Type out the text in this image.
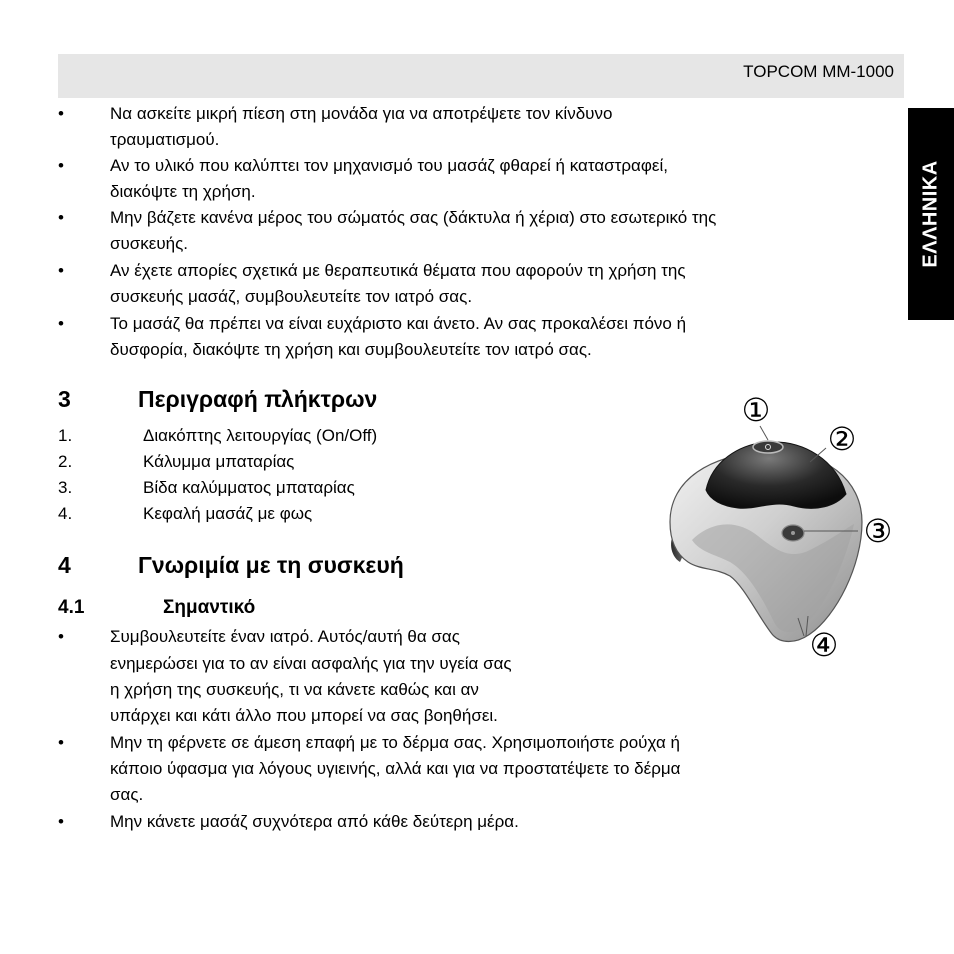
TOPCOM MM-1000
ΕΛΛΗΝΙΚΑ
•	Να ασκείτε μικρή πίεση στη μονάδα για να αποτρέψετε τον κίνδυνο
τραυματισμού.
•	Αν το υλικό που καλύπτει τον μηχανισμό του μασάζ φθαρεί ή καταστραφεί,
διακόψτε τη χρήση.
•	Μην βάζετε κανένα μέρος του σώματός σας (δάκτυλα ή χέρια) στο εσωτερικό της
συσκευής.
•	Αν έχετε απορίες σχετικά με θεραπευτικά θέματα που αφορούν τη χρήση της
συσκευής μασάζ, συμβουλευτείτε τον ιατρό σας.
•	Το μασάζ θα πρέπει να είναι ευχάριστο και άνετο. Αν σας προκαλέσει πόνο ή
δυσφορία, διακόψτε τη χρήση και συμβουλευτείτε τον ιατρό σας.
3	Περιγραφή πλήκτρων
1.	Διακόπτης λειτουργίας (On/Off)
2.	Κάλυμμα μπαταρίας
3.	Βίδα καλύμματος μπαταρίας
4.	Κεφαλή μασάζ με φως
4	Γνωριμία με τη συσκευή
4.1	Σημαντικό
•	Συμβουλευτείτε έναν ιατρό. Αυτός/αυτή θα σας
ενημερώσει για το αν είναι ασφαλής για την υγεία σας
η χρήση της συσκευής, τι να κάνετε καθώς και αν
υπάρχει και κάτι άλλο που μπορεί να σας βοηθήσει.
•	Μην τη φέρνετε σε άμεση επαφή με το δέρμα σας. Χρησιμοποιήστε ρούχα ή
κάποιο ύφασμα για λόγους υγιεινής, αλλά και για να προστατέψετε το δέρμα
σας.
•	Μην κάνετε μασάζ συχνότερα από κάθε δεύτερη μέρα.
①
②
③
④
